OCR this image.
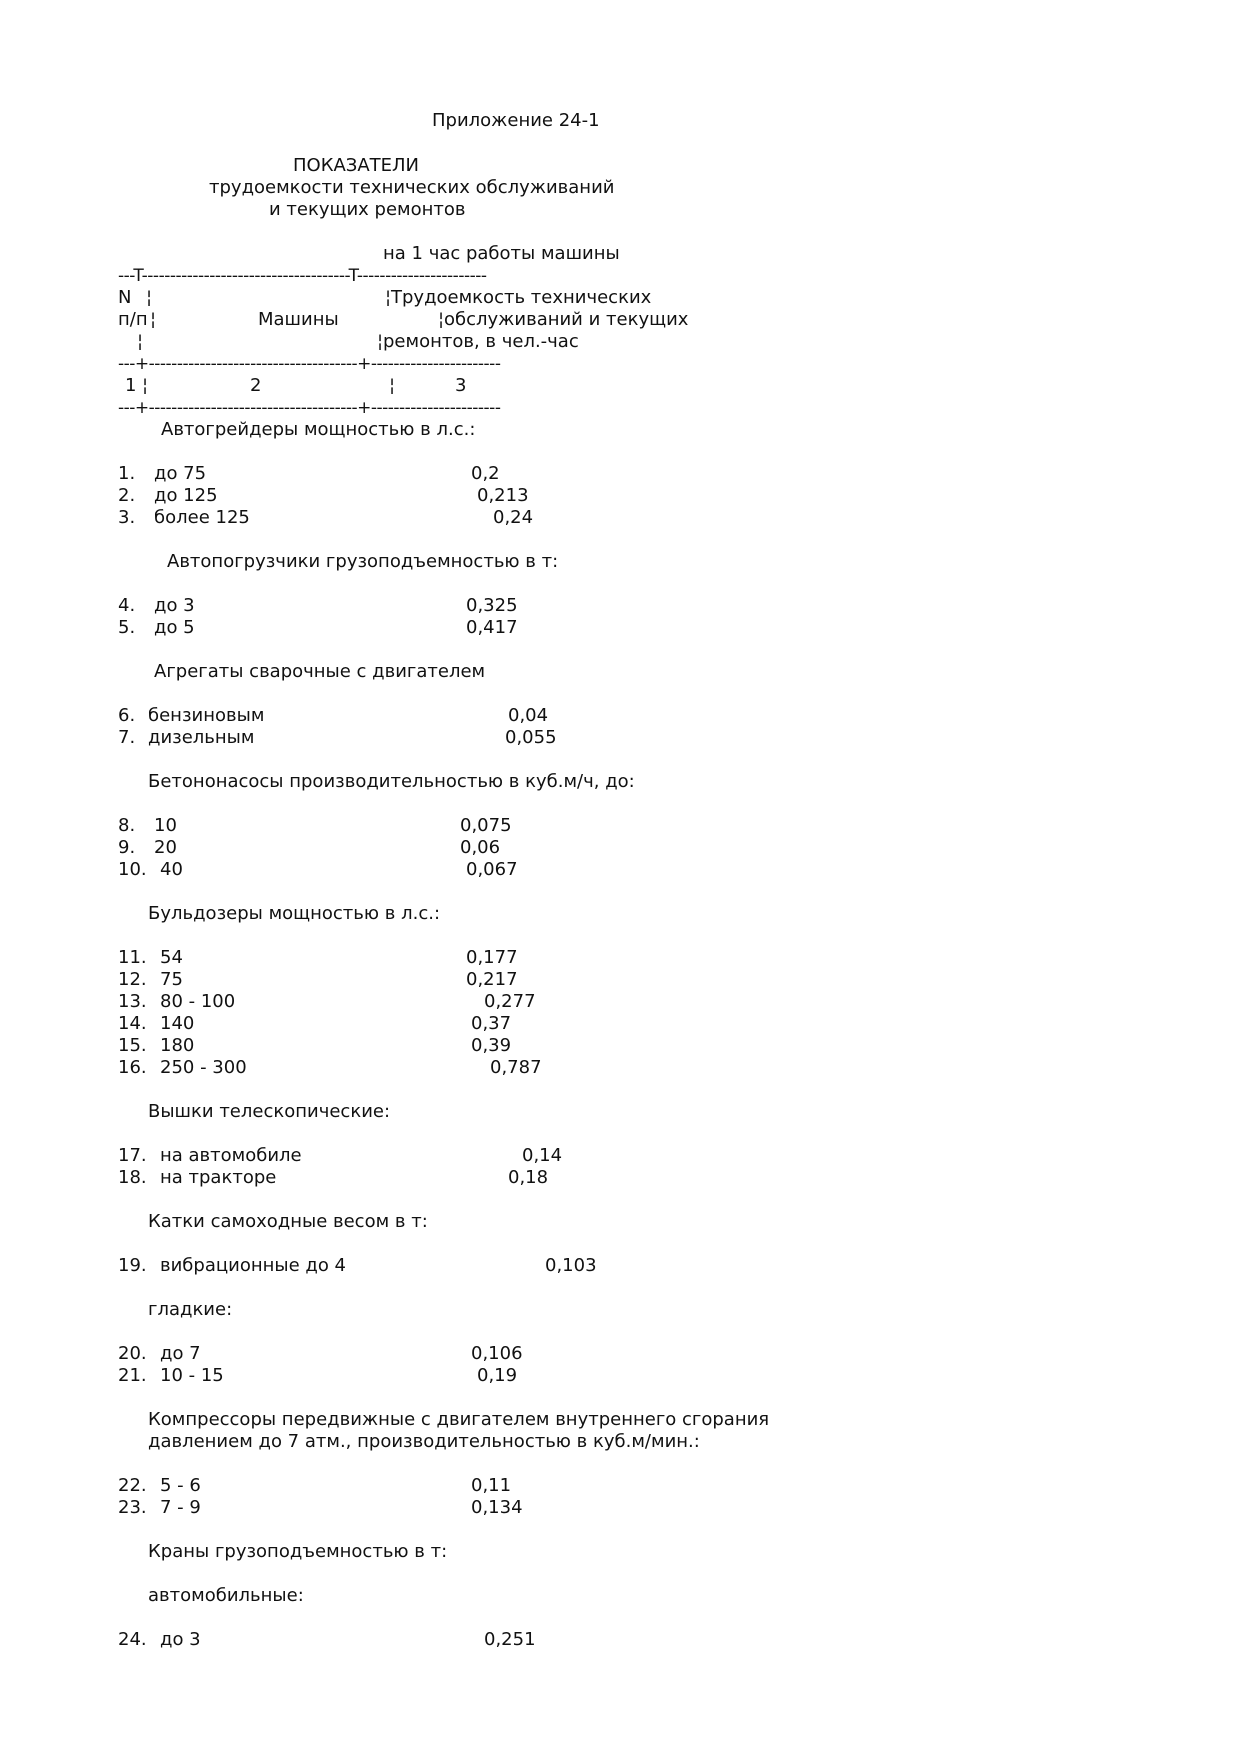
Приложение 24-1
ПОКАЗАТЕЛИ
трудоемкости технических обслуживаний
и текущих ремонтов
на 1 час работы машины
---T-------------------------------------T-----------------------
N ¦	¦ Трудоемкость технических
п/п ¦	Машины	¦ обслуживаний и текущих
¦	¦ ремонтов, в чел.-час
---+-------------------------------------+-----------------------
1 ¦	2	¦	3
---+-------------------------------------+-----------------------
Автогрейдеры мощностью в л.с.:
1. до 75	0,2
2. до 125	0,213
3. более 125	0,24
Автопогрузчики грузоподъемностью в т:
4. до 3	0,325
5. до 5	0,417
Агрегаты сварочные с двигателем
6. бензиновым	0,04
7. дизельным	0,055
Бетононасосы производительностью в куб.м/ч, до:
8. 10	0,075
9. 20	0,06
10. 40	0,067
Бульдозеры мощностью в л.с.:
11. 54	0,177
12. 75	0,217
13. 80 - 100	0,277
14. 140	0,37
15. 180	0,39
16. 250 - 300	0,787
Вышки телескопические:
17. на автомобиле	0,14
18. на тракторе	0,18
Катки самоходные весом в т:
19. вибрационные до 4	0,103
гладкие:
20. до 7	0,106
21. 10 - 15	0,19
Компрессоры передвижные с двигателем внутреннего сгорания
давлением до 7 атм., производительностью в куб.м/мин.:
22. 5 - 6	0,11
23. 7 - 9	0,134
Краны грузоподъемностью в т:
автомобильные:
24. до 3	0,251
